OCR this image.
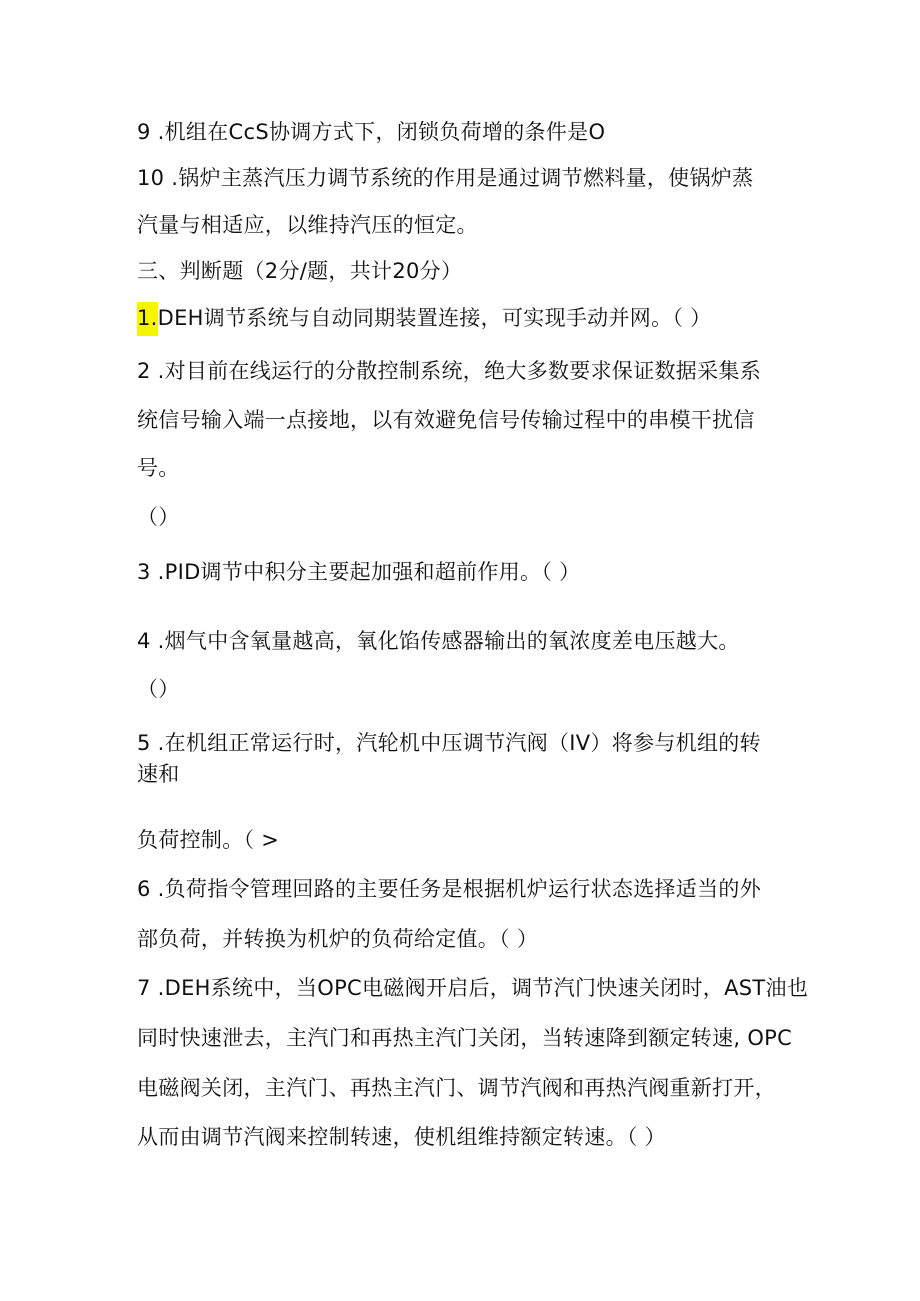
9 .机组在CcS协调方式下，闭锁负荷增的条件是O
10 .锅炉主蒸汽压力调节系统的作用是通过调节燃料量，使锅炉蒸
汽量与相适应，以维持汽压的恒定。
三、判断题（2分/题，共计20分）
1.DEH调节系统与自动同期装置连接，可实现手动并网。（ ）
2 .对目前在线运行的分散控制系统，绝大多数要求保证数据采集系
统信号输入端一点接地，以有效避免信号传输过程中的串模干扰信
号。
（）
3 .PID调节中积分主要起加强和超前作用。（ ）
4 .烟气中含氧量越高，氧化馅传感器输出的氧浓度差电压越大。
（）
5 .在机组正常运行时，汽轮机中压调节汽阀（IV）将参与机组的转
速和
负荷控制。（ >
6 .负荷指令管理回路的主要任务是根据机炉运行状态选择适当的外
部负荷，并转换为机炉的负荷给定值。（ ）
7 .DEH系统中，当OPC电磁阀开启后，调节汽门快速关闭时，AST油也
同时快速泄去，主汽门和再热主汽门关闭，当转速降到额定转速, OPC
电磁阀关闭，主汽门、再热主汽门、调节汽阀和再热汽阀重新打开，
从而由调节汽阀来控制转速，使机组维持额定转速。（ ）
